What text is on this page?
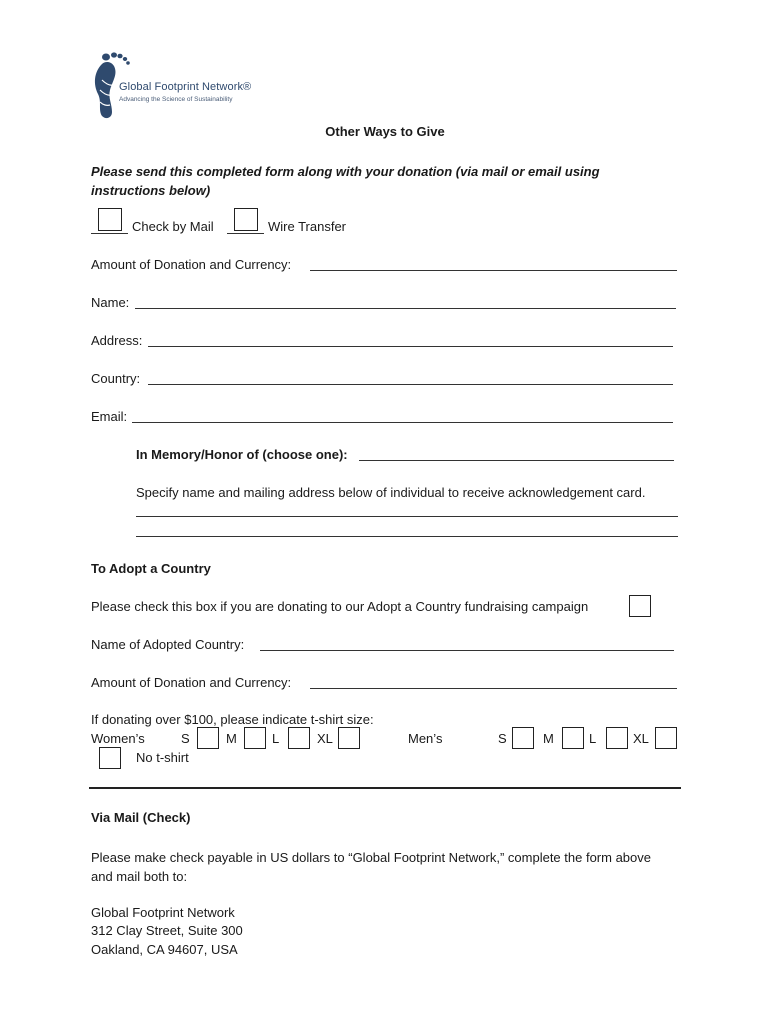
Global Footprint Network®
Advancing the Science of Sustainability
Other Ways to Give
Please send this completed form along with your donation (via mail or email using instructions below)
Check by Mail	Wire Transfer
Amount of Donation and Currency:
Name:
Address:
Country:
Email:
In Memory/Honor of (choose one):
Specify name and mailing address below of individual to receive acknowledgement card.
To Adopt a Country
Please check this box if you are donating to our Adopt a Country fundraising campaign
Name of Adopted Country:
Amount of Donation and Currency:
If donating over $100, please indicate t-shirt size:
Women’s	S	M	L	XL	Men’s	S	M	L	XL
No t-shirt
Via Mail (Check)
Please make check payable in US dollars to “Global Footprint Network,” complete the form above and mail both to:
Global Footprint Network
312 Clay Street, Suite 300
Oakland, CA 94607, USA
